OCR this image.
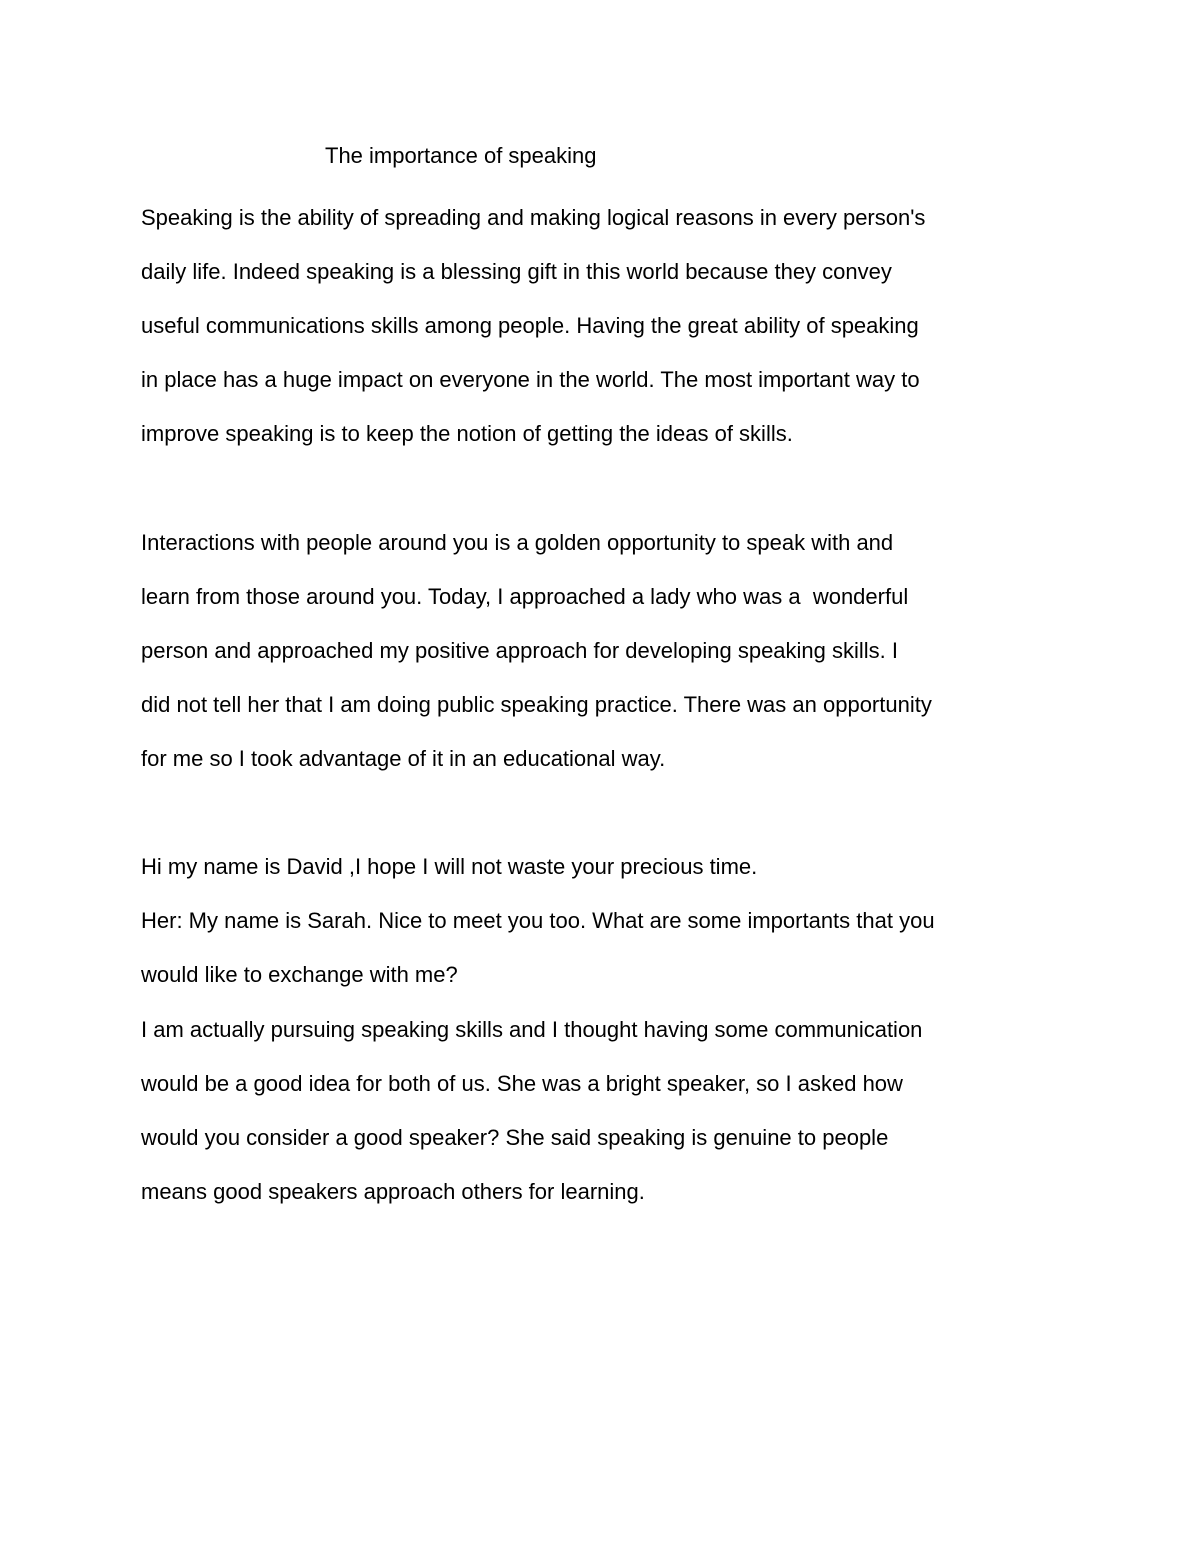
The importance of speaking
Speaking is the ability of spreading and making logical reasons in every person's
daily life. Indeed speaking is a blessing gift in this world because they convey
useful communications skills among people. Having the great ability of speaking
in place has a huge impact on everyone in the world. The most important way to
improve speaking is to keep the notion of getting the ideas of skills.
Interactions with people around you is a golden opportunity to speak with and
learn from those around you. Today, I approached a lady who was a  wonderful
person and approached my positive approach for developing speaking skills. I
did not tell her that I am doing public speaking practice. There was an opportunity
for me so I took advantage of it in an educational way.
Hi my name is David ,I hope I will not waste your precious time.
Her: My name is Sarah. Nice to meet you too. What are some importants that you
would like to exchange with me?
I am actually pursuing speaking skills and I thought having some communication
would be a good idea for both of us. She was a bright speaker, so I asked how
would you consider a good speaker? She said speaking is genuine to people
means good speakers approach others for learning.
